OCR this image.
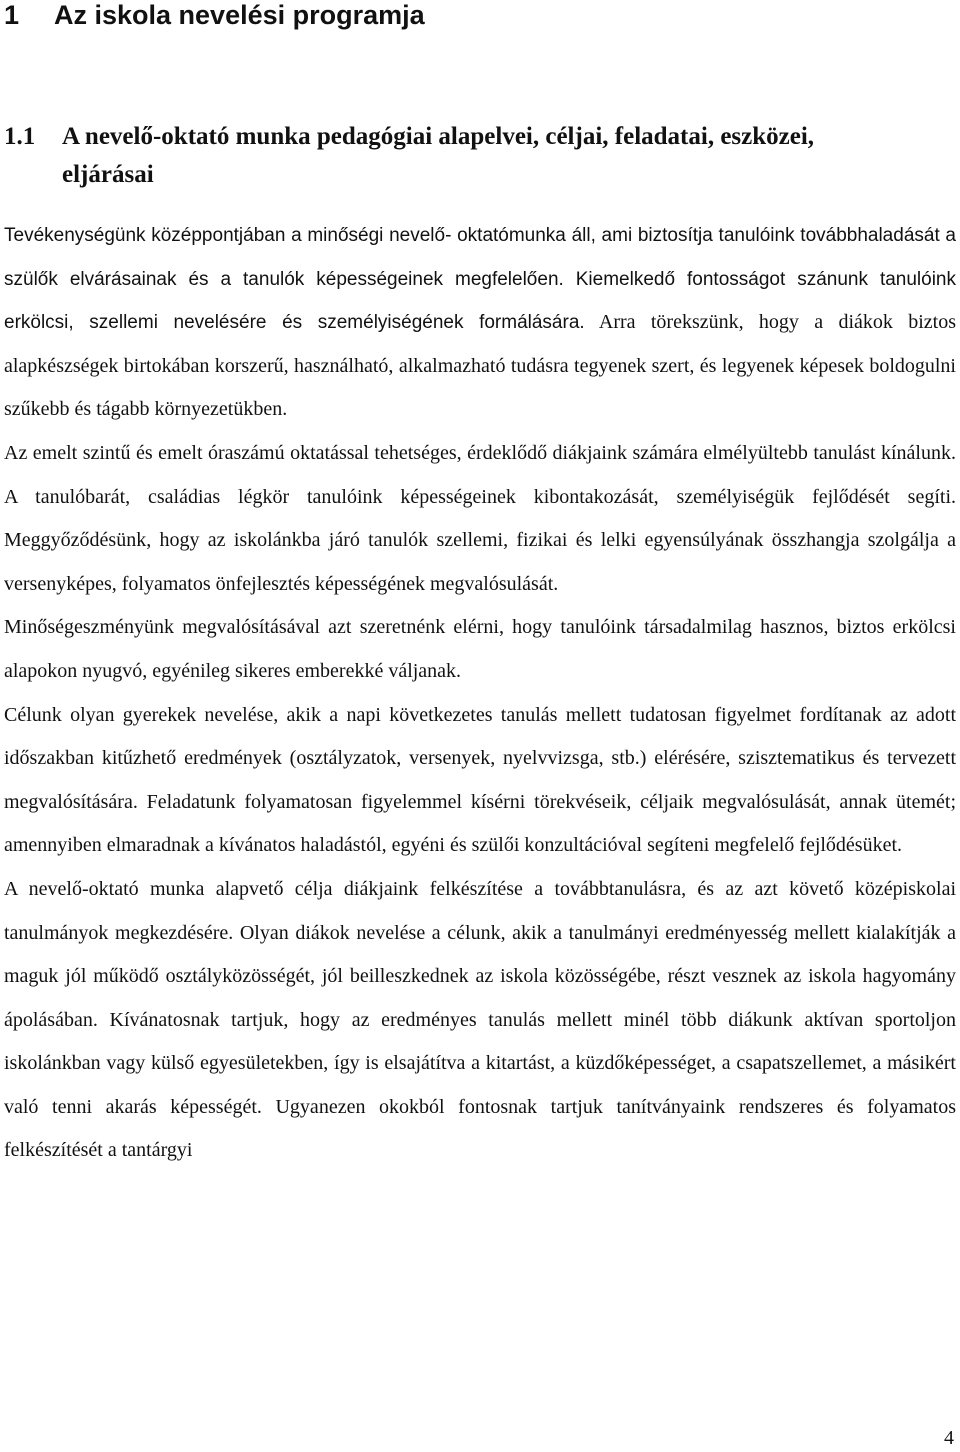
1 Az iskola nevelési programja
1.1 A nevelő-oktató munka pedagógiai alapelvei, céljai, feladatai, eszközei,
eljárásai

Tevékenységünk középpontjában a minőségi nevelő- oktatómunka áll, ami biztosítja tanulóink továbbhaladását a szülők elvárásainak és a tanulók képességeinek megfelelően. Kiemelkedő fontosságot szánunk tanulóink erkölcsi, szellemi nevelésére és személyiségének formálására. Arra törekszünk, hogy a diákok biztos alapkészségek birtokában korszerű, használható, alkalmazható tudásra tegyenek szert, és legyenek képesek boldogulni szűkebb és tágabb környezetükben.

Az emelt szintű és emelt óraszámú oktatással tehetséges, érdeklődő diákjaink számára elmélyültebb tanulást kínálunk. A tanulóbarát, családias légkör tanulóink képességeinek kibontakozását, személyiségük fejlődését segíti. Meggyőződésünk, hogy az iskolánkba járó tanulók szellemi, fizikai és lelki egyensúlyának összhangja szolgálja a versenyképes, folyamatos önfejlesztés képességének megvalósulását.

Minőségeszményünk megvalósításával azt szeretnénk elérni, hogy tanulóink társadalmilag hasznos, biztos erkölcsi alapokon nyugvó, egyénileg sikeres emberekké váljanak.

Célunk olyan gyerekek nevelése, akik a napi következetes tanulás mellett tudatosan figyelmet fordítanak az adott időszakban kitűzhető eredmények (osztályzatok, versenyek, nyelvvizsga, stb.) elérésére, szisztematikus és tervezett megvalósítására. Feladatunk folyamatosan figyelemmel kísérni törekvéseik, céljaik megvalósulását, annak ütemét; amennyiben elmaradnak a kívánatos haladástól, egyéni és szülői konzultációval segíteni megfelelő fejlődésüket.

A nevelő-oktató munka alapvető célja diákjaink felkészítése a továbbtanulásra, és az azt követő középiskolai tanulmányok megkezdésére. Olyan diákok nevelése a célunk, akik a tanulmányi eredményesség mellett kialakítják a maguk jól működő osztályközösségét, jól beilleszkednek az iskola közösségébe, részt vesznek az iskola hagyomány ápolásában. Kívánatosnak tartjuk, hogy az eredményes tanulás mellett minél több diákunk aktívan sportoljon iskolánkban vagy külső egyesületekben, így is elsajátítva a kitartást, a küzdőképességet, a csapatszellemet, a másikért való tenni akarás képességét. Ugyanezen okokból fontosnak tartjuk tanítványaink rendszeres és folyamatos felkészítését a tantárgyi

4
